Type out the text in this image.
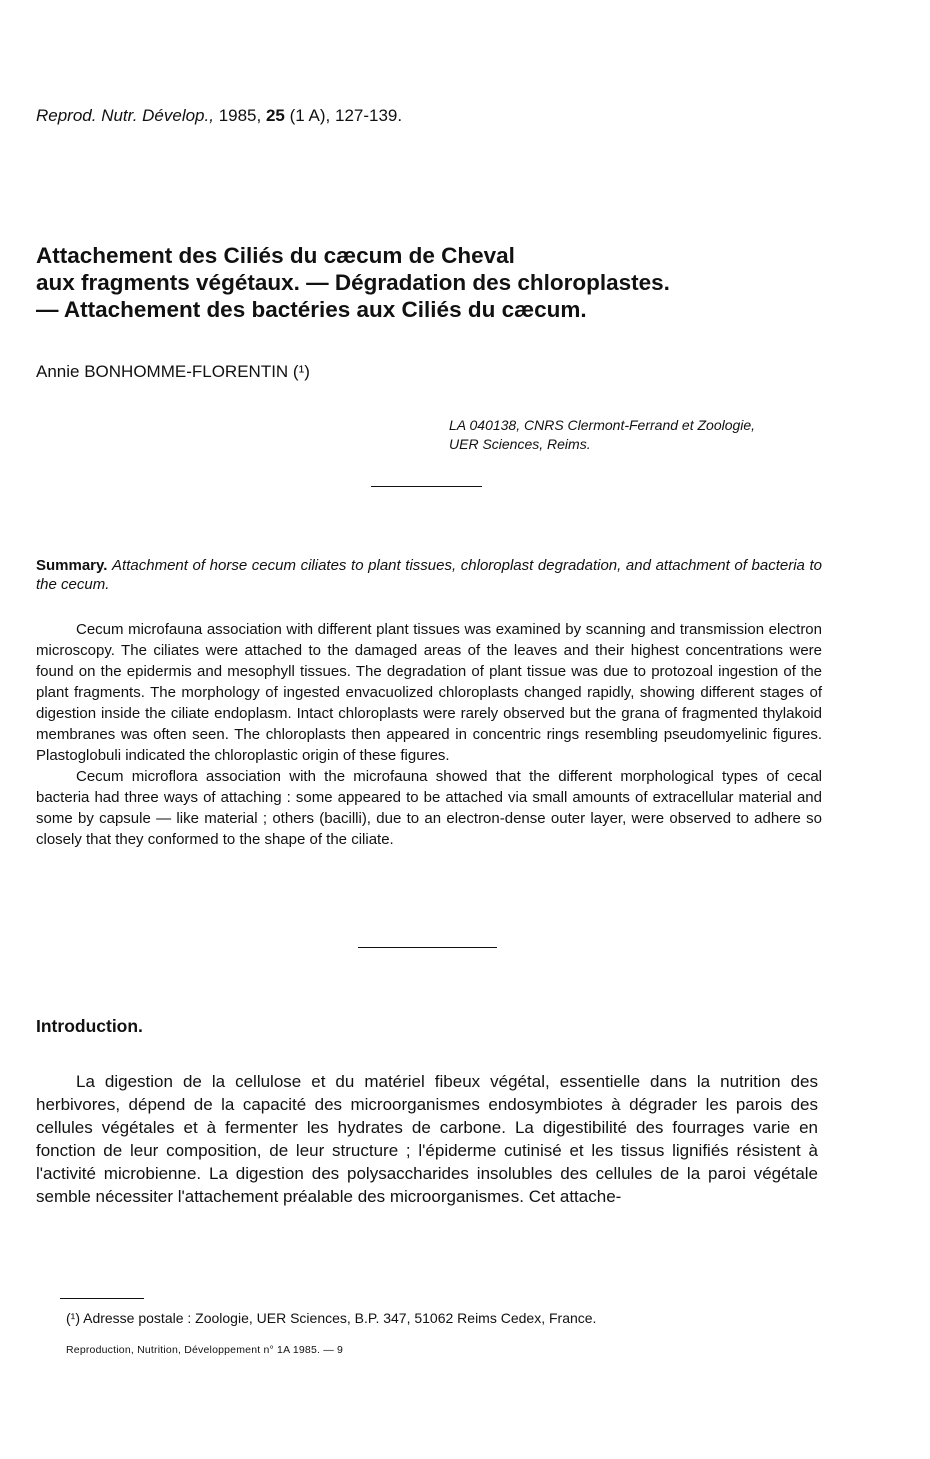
Reprod. Nutr. Dévelop., 1985, 25 (1 A), 127-139.
Attachement des Ciliés du cæcum de Cheval
aux fragments végétaux. — Dégradation des chloroplastes.
— Attachement des bactéries aux Ciliés du cæcum.
Annie BONHOMME-FLORENTIN (¹)
LA 040138, CNRS Clermont-Ferrand et Zoologie,
UER Sciences, Reims.
Summary. Attachment of horse cecum ciliates to plant tissues, chloroplast degradation, and attachment of bacteria to the cecum.

Cecum microfauna association with different plant tissues was examined by scanning and transmission electron microscopy. The ciliates were attached to the damaged areas of the leaves and their highest concentrations were found on the epidermis and mesophyll tissues. The degradation of plant tissue was due to protozoal ingestion of the plant fragments. The morphology of ingested envacuolized chloroplasts changed rapidly, showing different stages of digestion inside the ciliate endoplasm. Intact chloroplasts were rarely observed but the grana of fragmented thylakoid membranes was often seen. The chloroplasts then appeared in concentric rings resembling pseudomyelinic figures. Plastoglobuli indicated the chloroplastic origin of these figures.

Cecum microflora association with the microfauna showed that the different morphological types of cecal bacteria had three ways of attaching : some appeared to be attached via small amounts of extracellular material and some by capsule — like material ; others (bacilli), due to an electron-dense outer layer, were observed to adhere so closely that they conformed to the shape of the ciliate.

Introduction.
La digestion de la cellulose et du matériel fibeux végétal, essentielle dans la nutrition des herbivores, dépend de la capacité des microorganismes endosymbiotes à dégrader les parois des cellules végétales et à fermenter les hydrates de carbone. La digestibilité des fourrages varie en fonction de leur composition, de leur structure ; l'épiderme cutinisé et les tissus lignifiés résistent à l'activité microbienne. La digestion des polysaccharides insolubles des cellules de la paroi végétale semble nécessiter l'attachement préalable des microorganismes. Cet attache-
(¹) Adresse postale : Zoologie, UER Sciences, B.P. 347, 51062 Reims Cedex, France.
Reproduction, Nutrition, Développement n° 1A 1985. — 9
